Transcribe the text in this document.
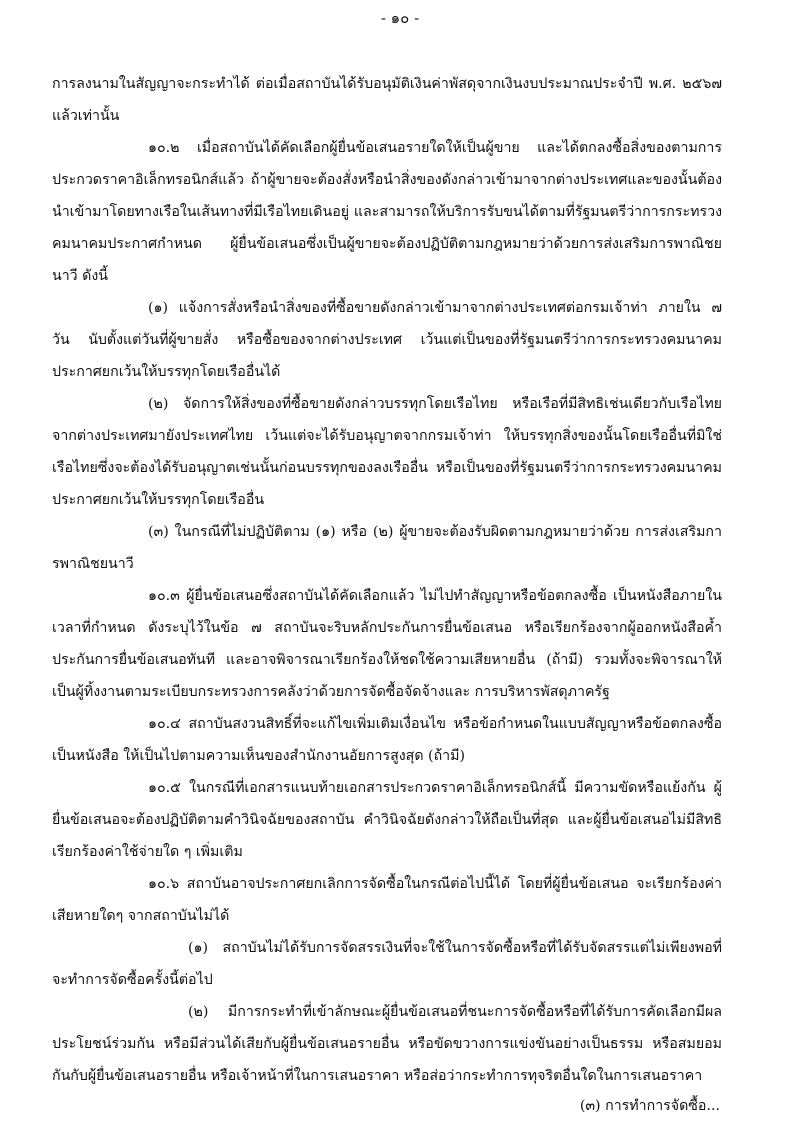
- ๑๐ -

การลงนามในสัญญาจะกระทำได้ ต่อเมื่อสถาบันได้รับอนุมัติเงินค่าพัสดุจากเงินงบประมาณประจำปี พ.ศ. ๒๕๖๗ แล้วเท่านั้น

๑๐.๒ เมื่อสถาบันได้คัดเลือกผู้ยื่นข้อเสนอรายใดให้เป็นผู้ขาย และได้ตกลงซื้อสิ่งของตามการประกวดราคาอิเล็กทรอนิกส์แล้ว ถ้าผู้ขายจะต้องสั่งหรือนำสิ่งของดังกล่าวเข้ามาจากต่างประเทศและของนั้นต้องนำเข้ามาโดยทางเรือในเส้นทางที่มีเรือไทยเดินอยู่ และสามารถให้บริการรับขนได้ตามที่รัฐมนตรีว่าการกระทรวงคมนาคมประกาศกำหนด ผู้ยื่นข้อเสนอซึ่งเป็นผู้ขายจะต้องปฏิบัติตามกฎหมายว่าด้วยการส่งเสริมการพาณิชยนาวี ดังนี้

(๑) แจ้งการสั่งหรือนำสิ่งของที่ซื้อขายดังกล่าวเข้ามาจากต่างประเทศต่อกรมเจ้าท่า ภายใน ๗ วัน นับตั้งแต่วันที่ผู้ขายสั่ง หรือซื้อของจากต่างประเทศ เว้นแต่เป็นของที่รัฐมนตรีว่าการกระทรวงคมนาคมประกาศยกเว้นให้บรรทุกโดยเรืออื่นได้

(๒) จัดการให้สิ่งของที่ซื้อขายดังกล่าวบรรทุกโดยเรือไทย หรือเรือที่มีสิทธิเช่นเดียวกับเรือไทยจากต่างประเทศมายังประเทศไทย เว้นแต่จะได้รับอนุญาตจากกรมเจ้าท่า ให้บรรทุกสิ่งของนั้นโดยเรืออื่นที่มิใช่เรือไทยซึ่งจะต้องได้รับอนุญาตเช่นนั้นก่อนบรรทุกของลงเรืออื่น หรือเป็นของที่รัฐมนตรีว่าการกระทรวงคมนาคมประกาศยกเว้นให้บรรทุกโดยเรืออื่น

(๓) ในกรณีที่ไม่ปฏิบัติตาม (๑) หรือ (๒) ผู้ขายจะต้องรับผิดตามกฎหมายว่าด้วย การส่งเสริมการพาณิชยนาวี

๑๐.๓ ผู้ยื่นข้อเสนอซึ่งสถาบันได้คัดเลือกแล้ว ไม่ไปทำสัญญาหรือข้อตกลงซื้อ เป็นหนังสือภายในเวลาที่กำหนด ดังระบุไว้ในข้อ ๗ สถาบันจะริบหลักประกันการยื่นข้อเสนอ หรือเรียกร้องจากผู้ออกหนังสือค้ำประกันการยื่นข้อเสนอทันที และอาจพิจารณาเรียกร้องให้ชดใช้ความเสียหายอื่น (ถ้ามี) รวมทั้งจะพิจารณาให้เป็นผู้ทิ้งงานตามระเบียบกระทรวงการคลังว่าด้วยการจัดซื้อจัดจ้างและ การบริหารพัสดุภาครัฐ

๑๐.๔ สถาบันสงวนสิทธิ์ที่จะแก้ไขเพิ่มเติมเงื่อนไข หรือข้อกำหนดในแบบสัญญาหรือข้อตกลงซื้อเป็นหนังสือ ให้เป็นไปตามความเห็นของสำนักงานอัยการสูงสุด (ถ้ามี)

๑๐.๕ ในกรณีที่เอกสารแนบท้ายเอกสารประกวดราคาอิเล็กทรอนิกส์นี้ มีความขัดหรือแย้งกัน ผู้ยื่นข้อเสนอจะต้องปฏิบัติตามคำวินิจฉัยของสถาบัน คำวินิจฉัยดังกล่าวให้ถือเป็นที่สุด และผู้ยื่นข้อเสนอไม่มีสิทธิเรียกร้องค่าใช้จ่ายใด ๆ เพิ่มเติม

๑๐.๖ สถาบันอาจประกาศยกเลิกการจัดซื้อในกรณีต่อไปนี้ได้ โดยที่ผู้ยื่นข้อเสนอ จะเรียกร้องค่าเสียหายใดๆ จากสถาบันไม่ได้

(๑) สถาบันไม่ได้รับการจัดสรรเงินที่จะใช้ในการจัดซื้อหรือที่ได้รับจัดสรรแต่ไม่เพียงพอที่จะทำการจัดซื้อครั้งนี้ต่อไป

(๒) มีการกระทำที่เข้าลักษณะผู้ยื่นข้อเสนอที่ชนะการจัดซื้อหรือที่ได้รับการคัดเลือกมีผลประโยชน์ร่วมกัน หรือมีส่วนได้เสียกับผู้ยื่นข้อเสนอรายอื่น หรือขัดขวางการแข่งขันอย่างเป็นธรรม หรือสมยอมกันกับผู้ยื่นข้อเสนอรายอื่น หรือเจ้าหน้าที่ในการเสนอราคา หรือส่อว่ากระทำการทุจริตอื่นใดในการเสนอราคา

(๓) การทำการจัดซื้อ...
